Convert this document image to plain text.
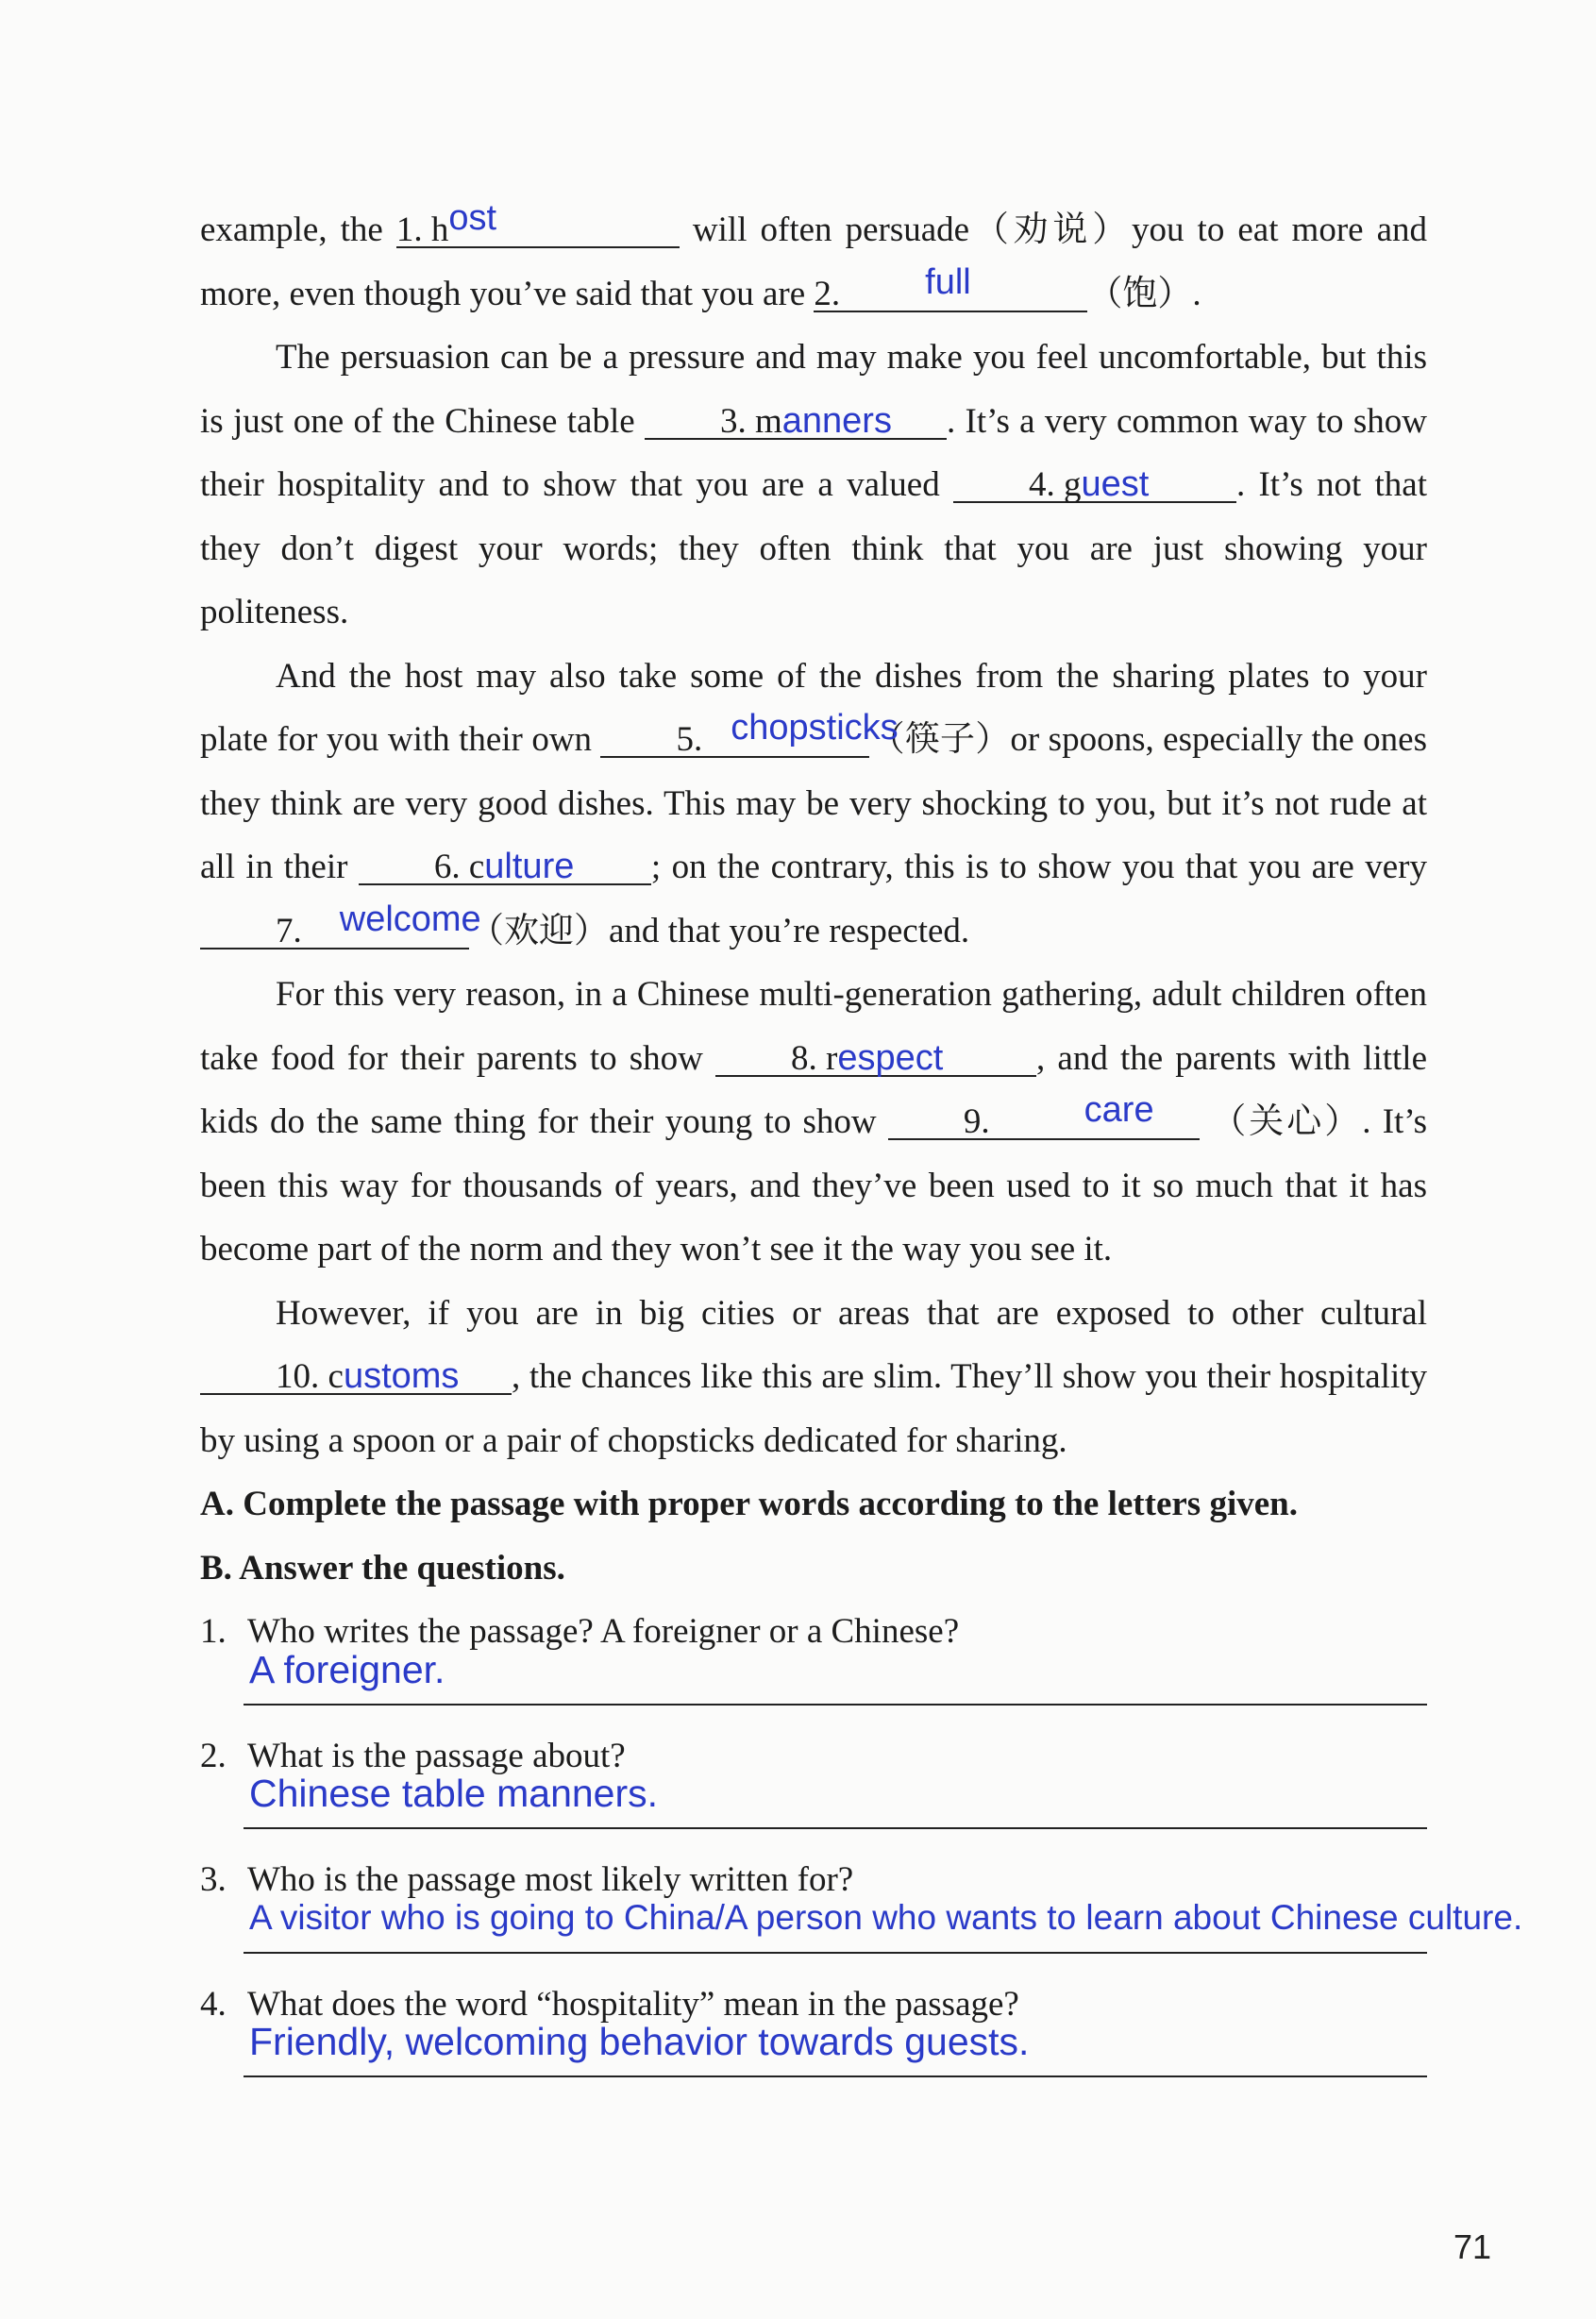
example, the 1. host	will often persuade（劝说）you to eat more and more, even though you’ve said that you are 2. full	（饱）.

The persuasion can be a pressure and may make you feel uncomfortable, but this is just one of the Chinese table 3. manners . It’s a very common way to show their hospitality and to show that you are a valued	4. guest	. It’s not that they don’t digest your words; they often think that you are just showing your politeness.

And the host may also take some of the dishes from the sharing plates to your plate for you with their own 5. chopsticks（筷子）or spoons, especially the ones they think are very good dishes. This may be very shocking to you, but it’s not rude at all in their 6. culture ; on the contrary, this is to show you that you are very 7. welcome（欢迎）and that you’re respected.

For this very reason, in a Chinese multi-generation gathering, adult children often take food for their parents to show	8. respect	, and the parents with little kids do the same thing for their young to show 9.	care （关心）. It’s been this way for thousands of years, and they’ve been used to it so much that it has become part of the norm and they won’t see it the way you see it.

However, if you are in big cities or areas that are exposed to other cultural 10. customs , the chances like this are slim. They’ll show you their hospitality by using a spoon or a pair of chopsticks dedicated for sharing.

A. Complete the passage with proper words according to the letters given.

B. Answer the questions.

1. Who writes the passage? A foreigner or a Chinese?
A foreigner.
2. What is the passage about?
Chinese table manners.
3. Who is the passage most likely written for?
A visitor who is going to China/A person who wants to learn about Chinese culture.
4. What does the word “hospitality” mean in the passage?
Friendly, welcoming behavior towards guests.
71
